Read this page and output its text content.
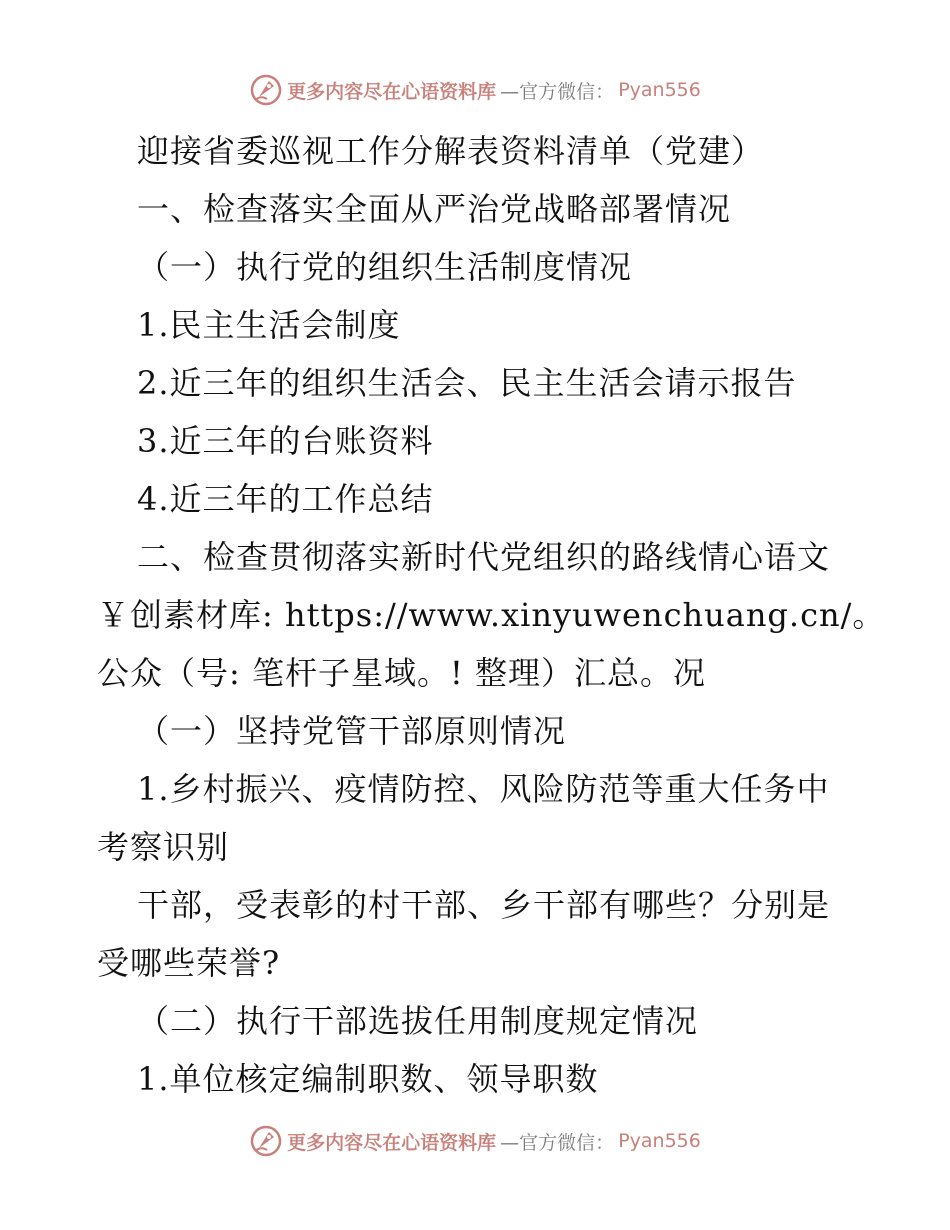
更多内容尽在心语资料库 —官方微信： Pyan556
迎接省委巡视工作分解表资料清单（党建）
一、检查落实全面从严治党战略部署情况
（一）执行党的组织生活制度情况
1.民主生活会制度
2.近三年的组织生活会、民主生活会请示报告
3.近三年的台账资料
4.近三年的工作总结
二、检查贯彻落实新时代党组织的路线情心语文
￥创素材库: https://www.xinyuwenchuang.cn/。
公众（号: 笔杆子星域。! 整理）汇总。况
（一）坚持党管干部原则情况
1.乡村振兴、疫情防控、风险防范等重大任务中
考察识别
干部，受表彰的村干部、乡干部有哪些？分别是
受哪些荣誉?
（二）执行干部选拔任用制度规定情况
1.单位核定编制职数、领导职数
更多内容尽在心语资料库 —官方微信： Pyan556
